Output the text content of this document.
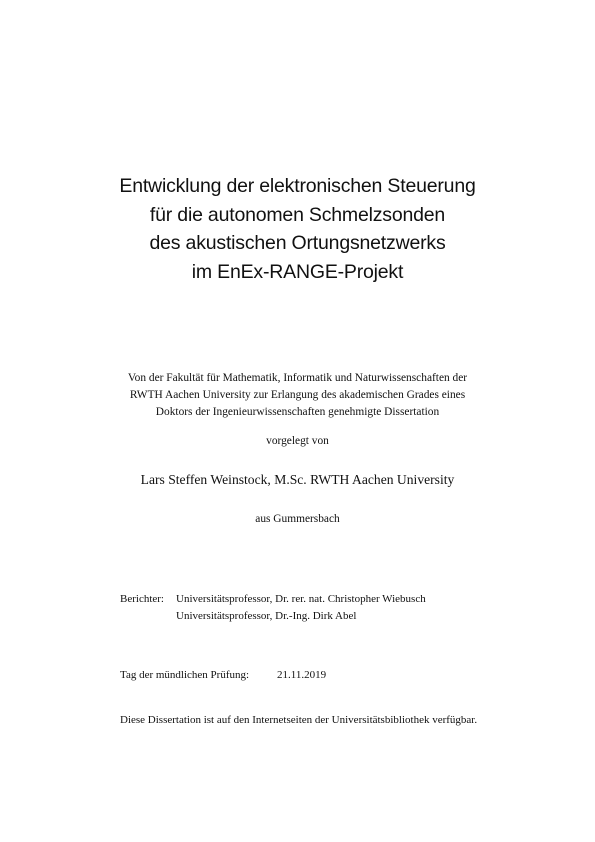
Entwicklung der elektronischen Steuerung
für die autonomen Schmelzsonden
des akustischen Ortungsnetzwerks
im EnEx-RANGE-Projekt
Von der Fakultät für Mathematik, Informatik und Naturwissenschaften der
RWTH Aachen University zur Erlangung des akademischen Grades eines
Doktors der Ingenieurwissenschaften genehmigte Dissertation
vorgelegt von
Lars Steffen Weinstock, M.Sc. RWTH Aachen University
aus Gummersbach
Berichter: Universitätsprofessor, Dr. rer. nat. Christopher Wiebusch
Universitätsprofessor, Dr.-Ing. Dirk Abel
Tag der mündlichen Prüfung:	21.11.2019
Diese Dissertation ist auf den Internetseiten der Universitätsbibliothek verfügbar.
